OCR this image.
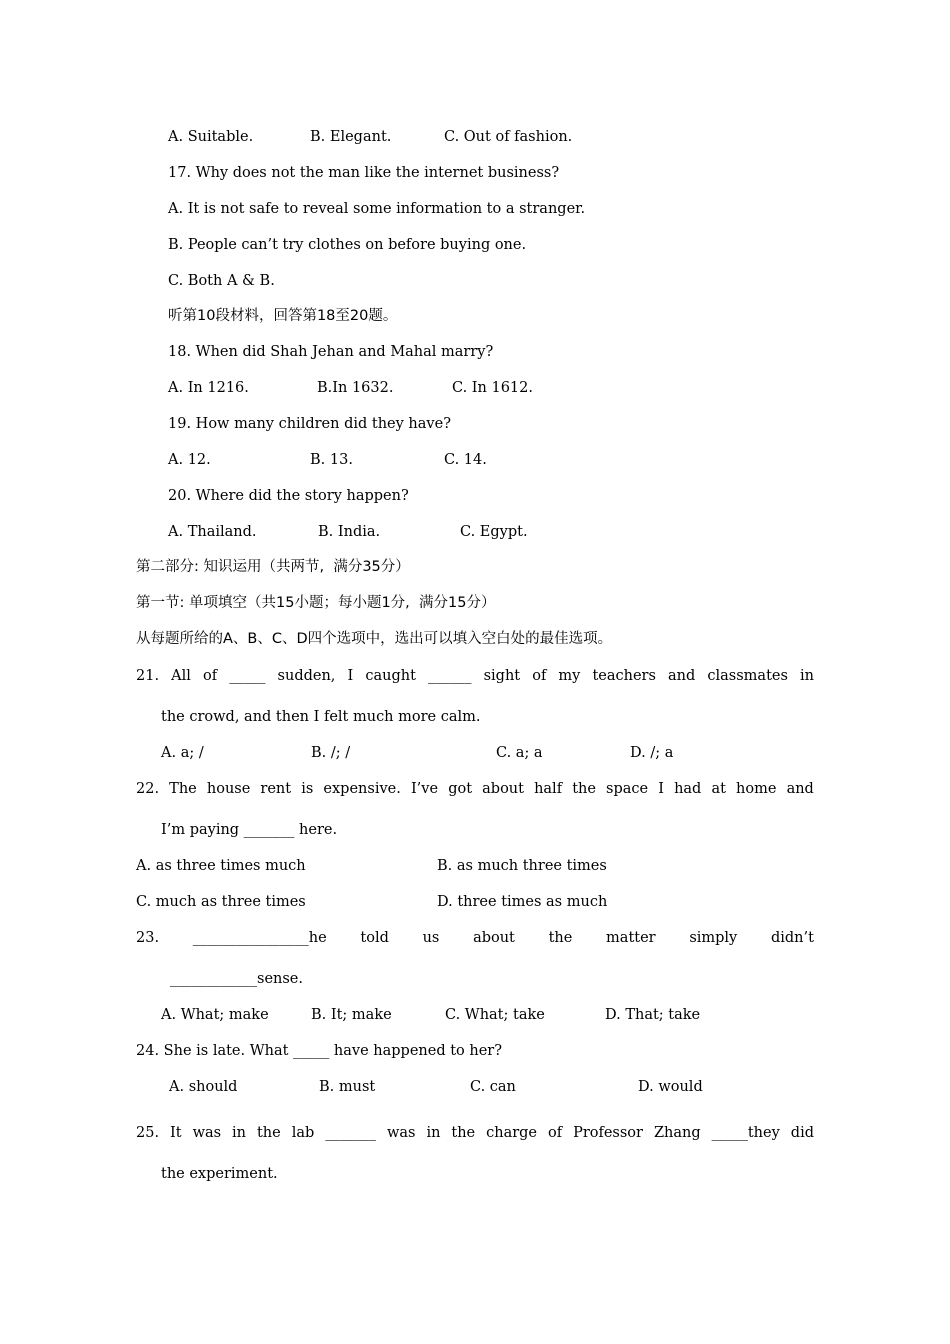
A. Suitable.	B. Elegant.	C. Out of fashion.
17. Why does not the man like the internet business?
A. It is not safe to reveal some information to a stranger.
B. People can’t try clothes on before buying one.
C. Both A & B.
听第10段材料，回答第18至20题。
18. When did Shah Jehan and Mahal marry?
A. In 1216.	B.In 1632.	C. In 1612.
19. How many children did they have?
A. 12.	B. 13.	C. 14.
20. Where did the story happen?
A. Thailand.	B. India.	C. Egypt.
第二部分: 知识运用（共两节,  满分35分）
第一节: 单项填空（共15小题；每小题1分,  满分15分）
从每题所给的A、B、C、D四个选项中，选出可以填入空白处的最佳选项。
21. All of _____ sudden, I caught ______ sight of my teachers and classmates in
the crowd, and then I felt much more calm.
A. a; /	B. /; /	C. a; a	D. /; a
22. The house rent is expensive. I’ve got about half the space I had at home and
I’m paying _______ here.
A. as three times much	B. as much three times
C. much as three times	D. three times as much
23. ________________he told us about the matter simply didn’t
____________sense.
A. What; make	B. It; make	C. What; take	D. That; take
24. She is late. What _____ have happened to her?
A. should	B. must	C. can	D. would
25. It was in the lab _______ was in the charge of Professor Zhang _____they did
the experiment.
